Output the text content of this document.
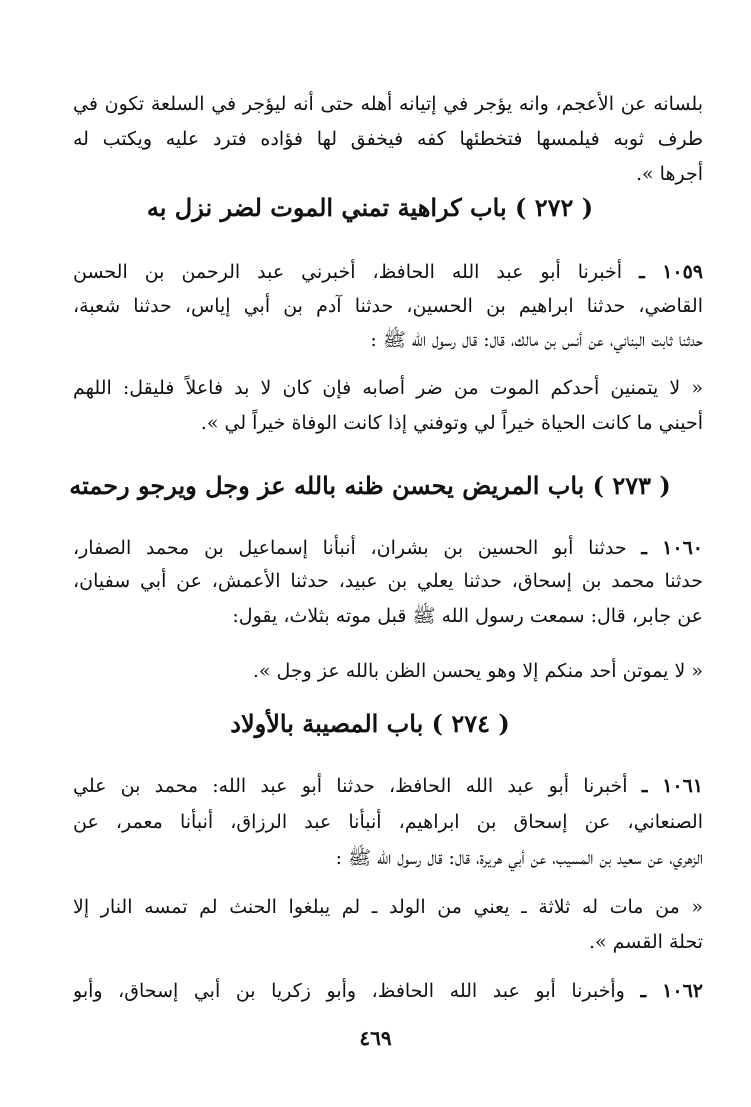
بلسانه عن الأعجم، وانه يؤجر في إتيانه أهله حتى أنه ليؤجر في السلعة تكون في
طرف ثوبه فيلمسها فتخطئها كفه فيخفق لها فؤاده فترد عليه ويكتب له
أجرها ».
( ٢٧٢ ) باب كراهية تمني الموت لضر نزل به
١٠٥٩ ـ أخبرنا أبو عبد الله الحافظ، أخبرني عبد الرحمن بن الحسن
القاضي، حدثنا ابراهيم بن الحسين، حدثنا آدم بن أبي إياس، حدثنا شعبة،
حدثنا ثابت البناني، عن أنس بن مالك، قال: قال رسول الله ﷺ :
« لا يتمنين أحدكم الموت من ضر أصابه فإن كان لا بد فاعلاً فليقل: اللهم
أحيني ما كانت الحياة خيراً لي وتوفني إذا كانت الوفاة خيراً لي ».
( ٢٧٣ ) باب المريض يحسن ظنه بالله عز وجل ويرجو رحمته
١٠٦٠ ـ حدثنا أبو الحسين بن بشران، أنبأنا إسماعيل بن محمد الصفار،
حدثنا محمد بن إسحاق، حدثنا يعلي بن عبيد، حدثنا الأعمش، عن أبي سفيان،
عن جابر، قال: سمعت رسول الله ﷺ قبل موته بثلاث، يقول:
« لا يموتن أحد منكم إلا وهو يحسن الظن بالله عز وجل ».
( ٢٧٤ ) باب المصيبة بالأولاد
١٠٦١ ـ أخبرنا أبو عبد الله الحافظ، حدثنا أبو عبد الله: محمد بن علي
الصنعاني، عن إسحاق بن ابراهيم، أنبأنا عبد الرزاق، أنبأنا معمر، عن
الزهري، عن سعيد بن المسيب، عن أبي هريرة، قال: قال رسول الله ﷺ :
« من مات له ثلاثة ـ يعني من الولد ـ لم يبلغوا الحنث لم تمسه النار إلا
تحلة القسم ».
١٠٦٢ ـ وأخبرنا أبو عبد الله الحافظ، وأبو زكريا بن أبي إسحاق، وأبو
٤٦٩
